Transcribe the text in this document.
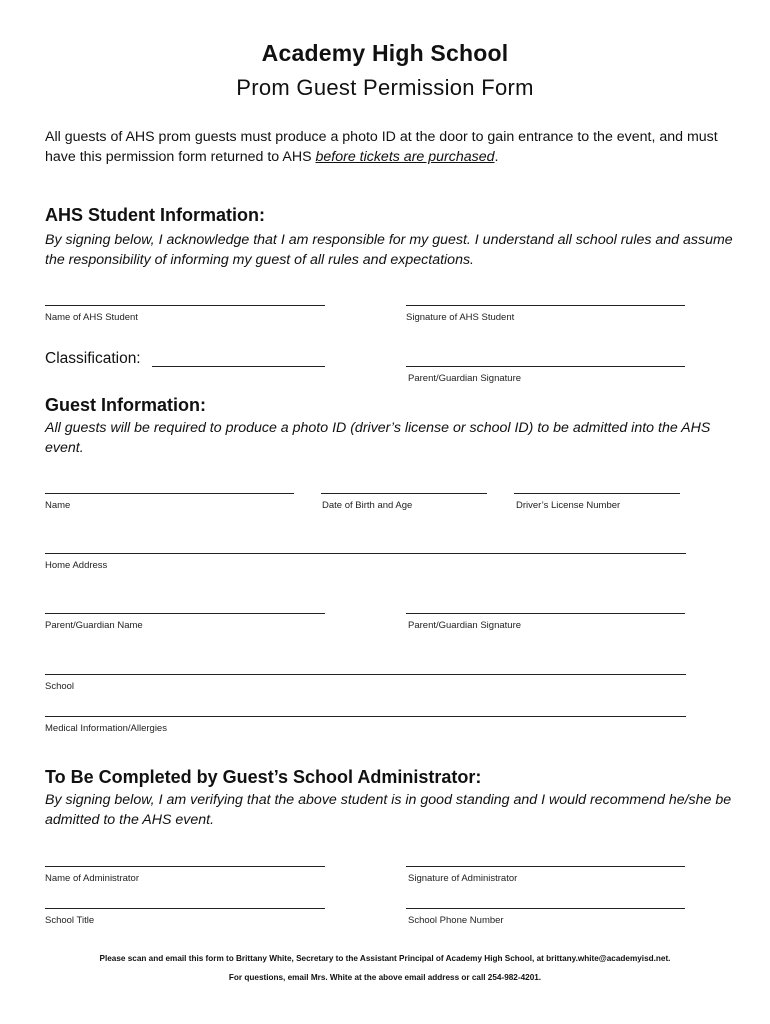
Academy High School
Prom Guest Permission Form
All guests of AHS prom guests must produce a photo ID at the door to gain entrance to the event, and must have this permission form returned to AHS before tickets are purchased.
AHS Student Information:
By signing below, I acknowledge that I am responsible for my guest. I understand all school rules and assume the responsibility of informing my guest of all rules and expectations.
Name of AHS Student	Signature of AHS Student
Classification:
Parent/Guardian Signature
Guest Information:
All guests will be required to produce a photo ID (driver’s license or school ID) to be admitted into the AHS event.
Name	Date of Birth and Age	Driver’s License Number
Home Address
Parent/Guardian Name	Parent/Guardian Signature
School
Medical Information/Allergies
To Be Completed by Guest’s School Administrator:
By signing below, I am verifying that the above student is in good standing and I would recommend he/she be admitted to the AHS event.
Name of Administrator	Signature of Administrator
School Title	School Phone Number
Please scan and email this form to Brittany White, Secretary to the Assistant Principal of Academy High School, at brittany.white@academyisd.net.
For questions, email Mrs. White at the above email address or call 254-982-4201.
